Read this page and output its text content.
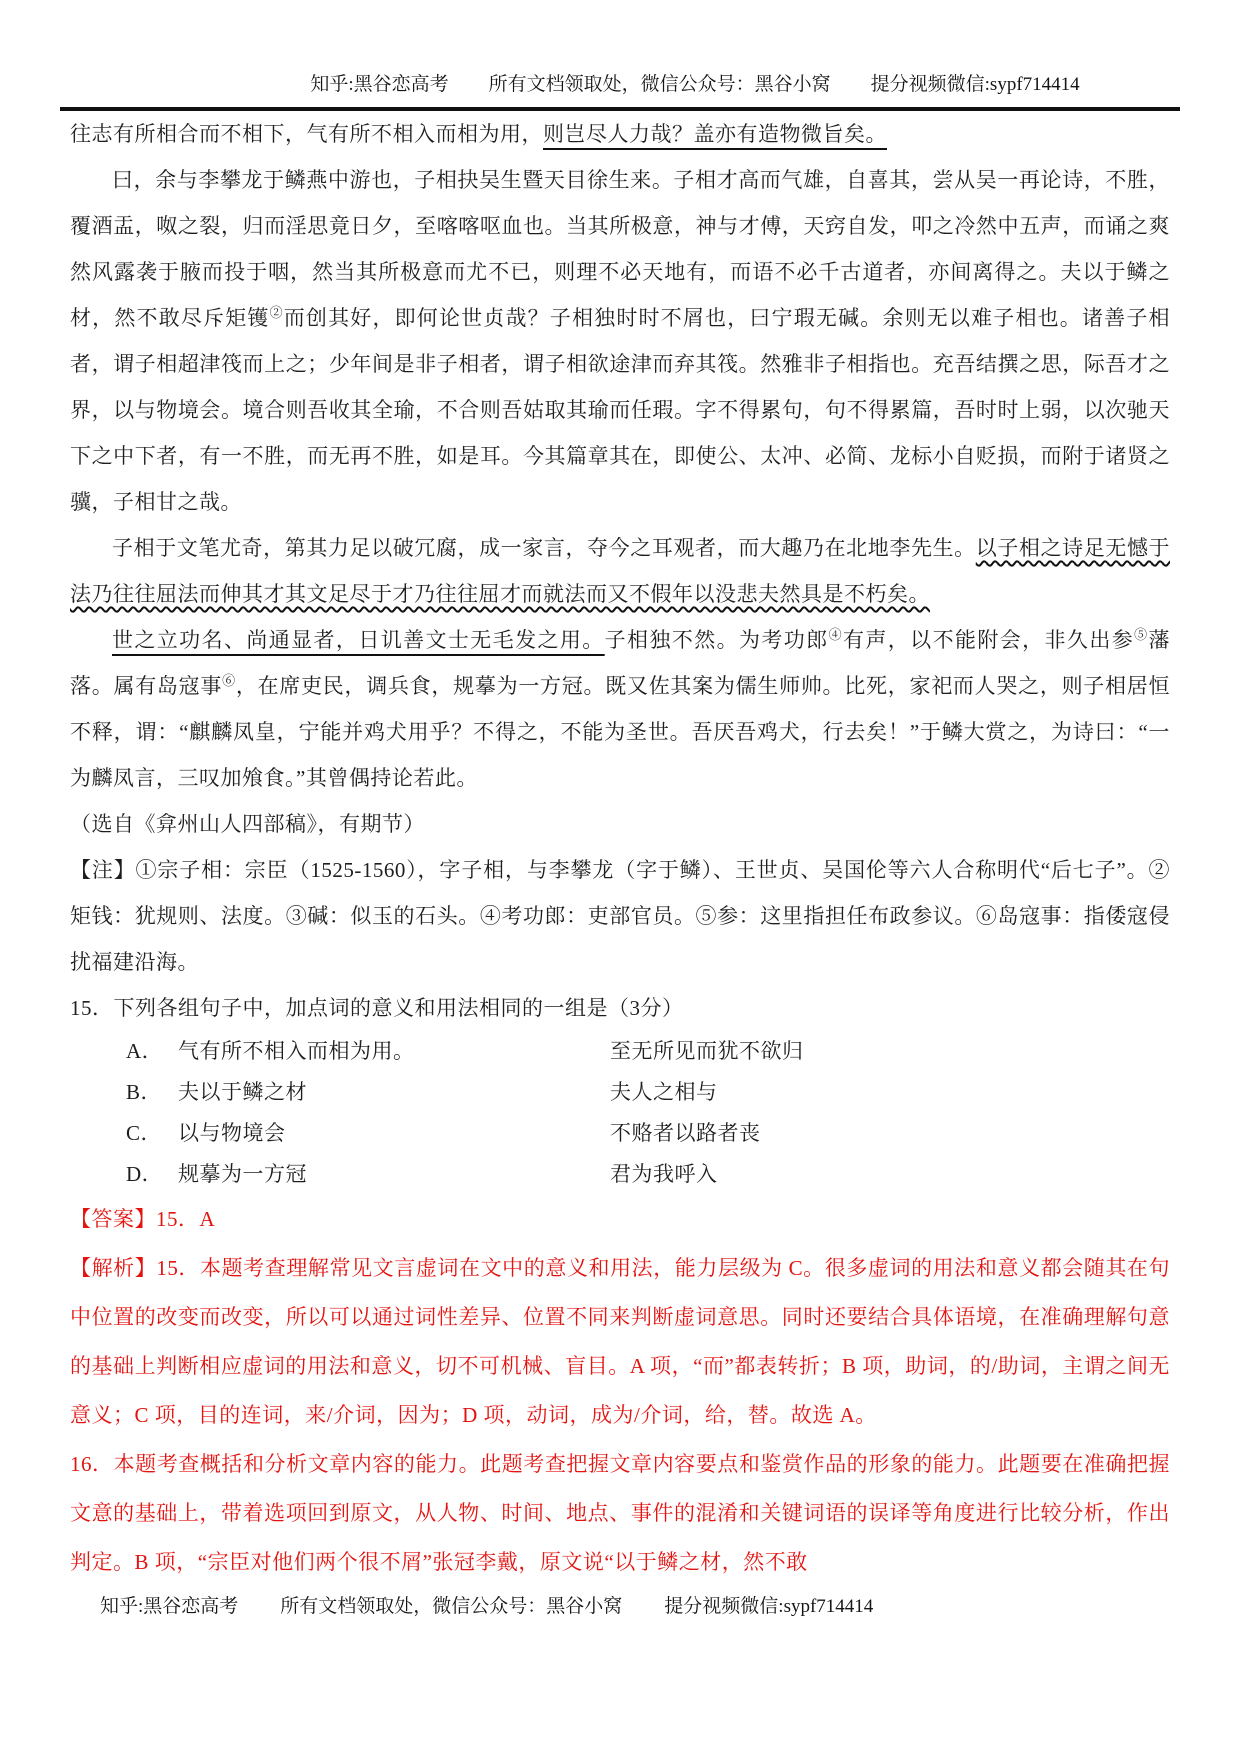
知乎:黑谷恋高考 所有文档领取处，微信公众号：黑谷小窝 提分视频微信:sypf714414

往志有所相合而不相下，气有所不相入而相为用，则岂尽人力哉？盖亦有造物微旨矣。

曰，余与李攀龙于鳞燕中游也，子相抉吴生暨天目徐生来。子相才高而气雄，自喜其，尝从吴一再论诗，不胜，覆酒盂，呶之裂，归而淫思竟日夕，至喀喀呕血也。当其所极意，神与才傅，天窍自发，叩之冷然中五声，而诵之爽然风露袭于腋而投于咽，然当其所极意而尤不已，则理不必天地有，而语不必千古道者，亦间离得之。夫以于鳞之材，然不敢尽斥矩镬②而创其好，即何论世贞哉？子相独时时不屑也，曰宁瑕无碱。余则无以难子相也。诸善子相者，谓子相超津筏而上之；少年间是非子相者，谓子相欲途津而弃其筏。然雅非子相指也。充吾结撰之思，际吾才之界，以与物境会。境合则吾收其全瑜，不合则吾姑取其瑜而任瑕。字不得累句，句不得累篇，吾时时上弱，以次驰天下之中下者，有一不胜，而无再不胜，如是耳。今其篇章其在，即使公、太冲、必简、龙标小自贬损，而附于诸贤之骥，子相甘之哉。

子相于文笔尤奇，第其力足以破冗腐，成一家言，夺今之耳观者，而大趣乃在北地李先生。以子相之诗足无憾于法乃往往屈法而伸其才其文足尽于才乃往往屈才而就法而又不假年以没悲夫然具是不朽矣。

世之立功名、尚通显者，日讥善文士无毛发之用。子相独不然。为考功郎④有声，以不能附会，非久出参⑤藩落。属有岛寇事⑥，在席吏民，调兵食，规摹为一方冠。既又佐其案为儒生师帅。比死，家祀而人哭之，则子相居恒不释，谓：“麒麟凤皇，宁能并鸡犬用乎？不得之，不能为圣世。吾厌吾鸡犬，行去矣！”于鳞大赏之，为诗曰：“一为麟凤言，三叹加飧食。”其曾偶持论若此。

（选自《弇州山人四部稿》，有期节）

【注】①宗子相：宗臣（1525-1560），字子相，与李攀龙（字于鳞）、王世贞、吴国伦等六人合称明代“后七子”。②矩钱：犹规则、法度。③碱：似玉的石头。④考功郎：吏部官员。⑤参：这里指担任布政参议。⑥岛寇事：指倭寇侵扰福建沿海。

15．下列各组句子中，加点词的意义和用法相同的一组是（3分）

A． 气有所不相入而相为用。	至无所见而犹不欲归
B． 夫以于鳞之材	夫人之相与
C． 以与物境会	不赂者以路者丧
D． 规摹为一方冠	君为我呼入

【答案】15．A

【解析】15．本题考查理解常见文言虚词在文中的意义和用法，能力层级为 C。很多虚词的用法和意义都会随其在句中位置的改变而改变，所以可以通过词性差异、位置不同来判断虚词意思。同时还要结合具体语境，在准确理解句意的基础上判断相应虚词的用法和意义，切不可机械、盲目。A 项，“而”都表转折；B 项，助词，的/助词，主谓之间无意义；C 项，目的连词，来/介词，因为；D 项，动词，成为/介词，给，替。故选 A。

16．本题考查概括和分析文章内容的能力。此题考查把握文章内容要点和鉴赏作品的形象的能力。此题要在准确把握文意的基础上，带着选项回到原文，从人物、时间、地点、事件的混淆和关键词语的误译等角度进行比较分析，作出判定。B 项，“宗臣对他们两个很不屑”张冠李戴，原文说“以于鳞之材，然不敢

知乎:黑谷恋高考 所有文档领取处，微信公众号：黑谷小窝 提分视频微信:sypf714414
